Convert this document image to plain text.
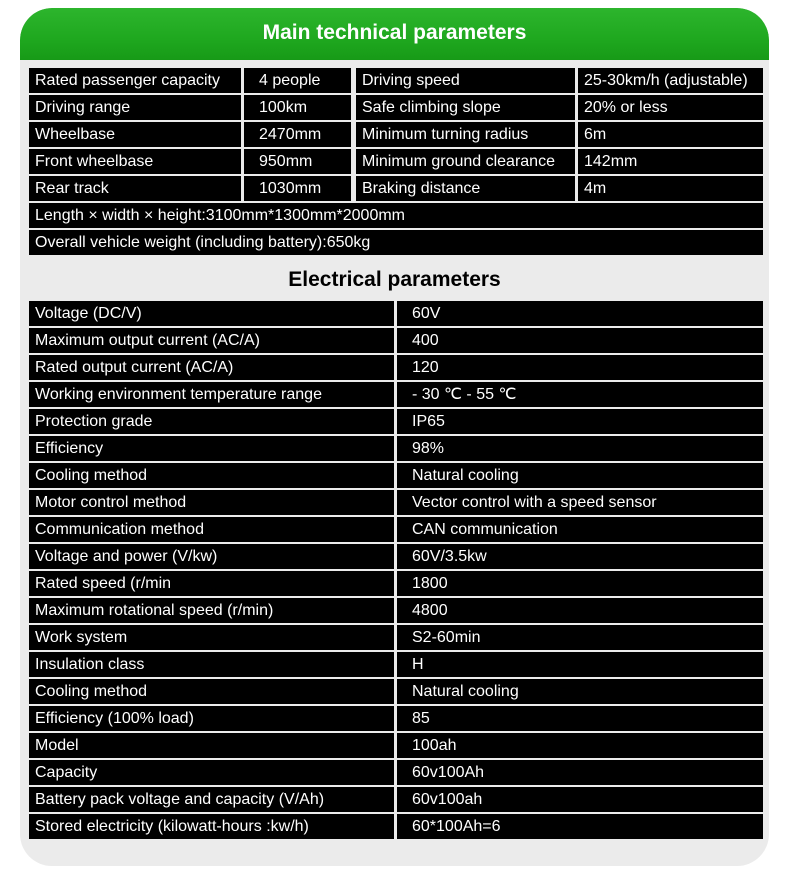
Main technical parameters
Rated passenger capacity	4 people	Driving speed	25-30km/h (adjustable)
Driving range	100km	Safe climbing slope	20% or less
Wheelbase	2470mm	Minimum turning radius	6m
Front wheelbase	950mm	Minimum ground clearance	142mm
Rear track	1030mm	Braking distance	4m
Length × width × height:3100mm*1300mm*2000mm
Overall vehicle weight (including battery):650kg
Electrical parameters
Voltage (DC/V)	60V
Maximum output current (AC/A)	400
Rated output current (AC/A)	120
Working environment temperature range	- 30 ℃ - 55 ℃
Protection grade	IP65
Efficiency	98%
Cooling method	Natural cooling
Motor control method	Vector control with a speed sensor
Communication method	CAN communication
Voltage and power (V/kw)	60V/3.5kw
Rated speed (r/min	1800
Maximum rotational speed (r/min)	4800
Work system	S2-60min
Insulation class	H
Cooling method	Natural cooling
Efficiency (100% load)	85
Model	100ah
Capacity	60v100Ah
Battery pack voltage and capacity (V/Ah)	60v100ah
Stored electricity (kilowatt-hours :kw/h)	60*100Ah=6
